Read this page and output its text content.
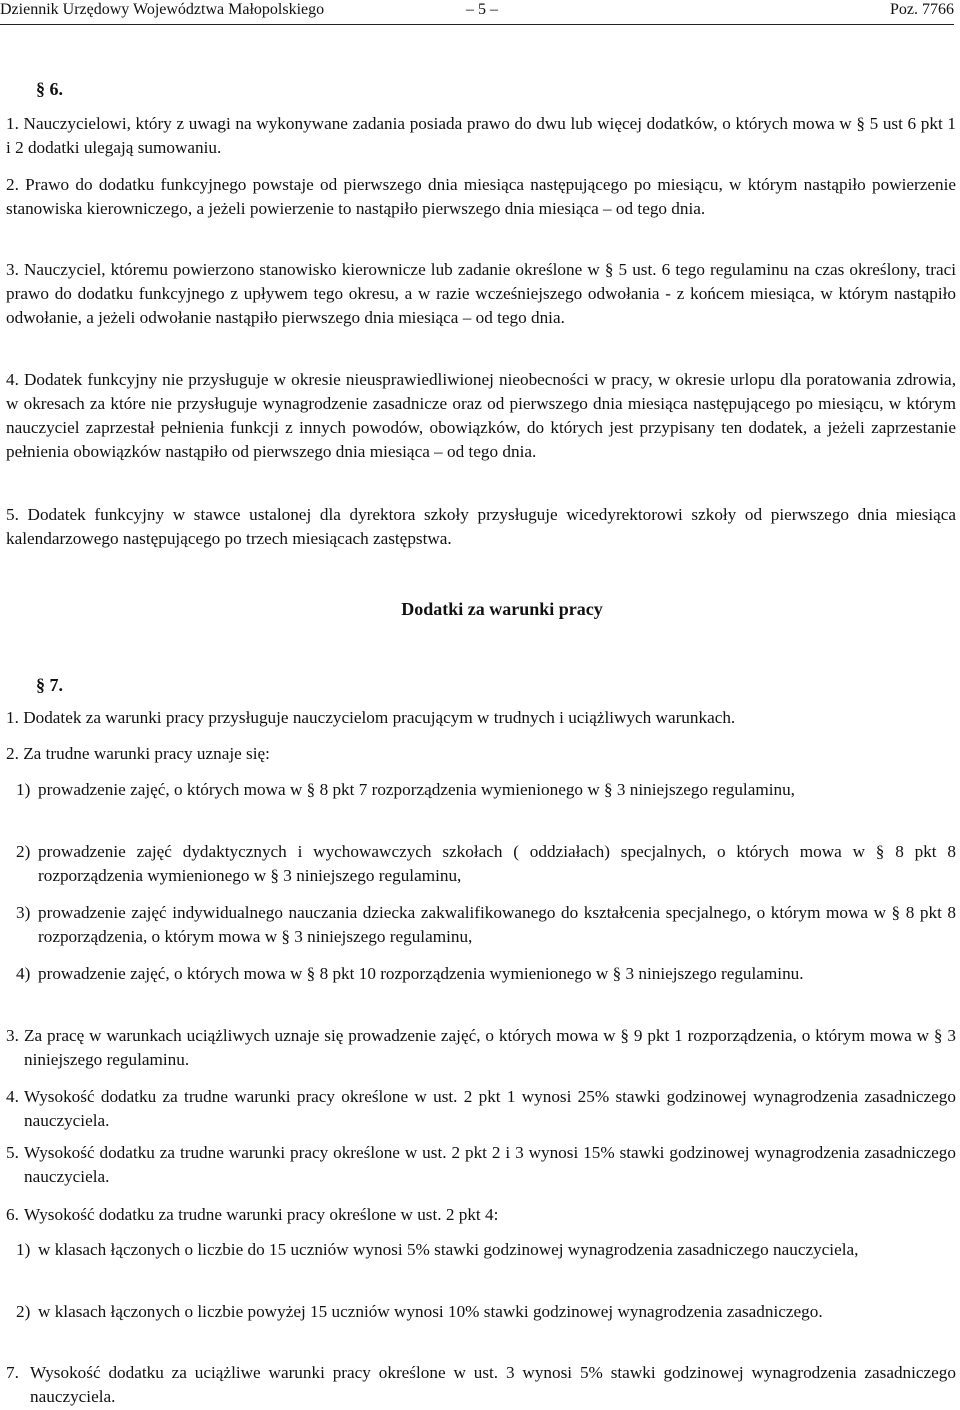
Dziennik Urzędowy Województwa Małopolskiego	– 5 –	Poz. 7766
§ 6.

1. Nauczycielowi, który z uwagi na wykonywane zadania posiada prawo do dwu lub więcej dodatków, o których mowa w § 5 ust 6 pkt 1 i 2 dodatki ulegają sumowaniu.

2. Prawo do dodatku funkcyjnego powstaje od pierwszego dnia miesiąca następującego po miesiącu, w którym nastąpiło powierzenie stanowiska kierowniczego, a jeżeli powierzenie to nastąpiło pierwszego dnia miesiąca – od tego dnia.

3. Nauczyciel, któremu powierzono stanowisko kierownicze lub zadanie określone w § 5 ust. 6 tego regulaminu na czas określony, traci prawo do dodatku funkcyjnego z upływem tego okresu, a w razie wcześniejszego odwołania - z końcem miesiąca, w którym nastąpiło odwołanie, a jeżeli odwołanie nastąpiło pierwszego dnia miesiąca – od tego dnia.

4. Dodatek funkcyjny nie przysługuje w okresie nieusprawiedliwionej nieobecności w pracy, w okresie urlopu dla poratowania zdrowia, w okresach za które nie przysługuje wynagrodzenie zasadnicze oraz od pierwszego dnia miesiąca następującego po miesiącu, w którym nauczyciel zaprzestał pełnienia funkcji z innych powodów, obowiązków, do których jest przypisany ten dodatek, a jeżeli zaprzestanie pełnienia obowiązków nastąpiło od pierwszego dnia miesiąca – od tego dnia.

5. Dodatek funkcyjny w stawce ustalonej dla dyrektora szkoły przysługuje wicedyrektorowi szkoły od pierwszego dnia miesiąca kalendarzowego następującego po trzech miesiącach zastępstwa.

Dodatki za warunki pracy
§ 7.

1. Dodatek za warunki pracy przysługuje nauczycielom pracującym w trudnych i uciążliwych warunkach.

2. Za trudne warunki pracy uznaje się:

1) prowadzenie zajęć, o których mowa w § 8 pkt 7 rozporządzenia wymienionego w § 3 niniejszego regulaminu,
2) prowadzenie zajęć dydaktycznych i wychowawczych szkołach ( oddziałach) specjalnych, o których mowa w § 8 pkt 8 rozporządzenia wymienionego w § 3 niniejszego regulaminu,
3) prowadzenie zajęć indywidualnego nauczania dziecka zakwalifikowanego do kształcenia specjalnego, o którym mowa w § 8 pkt 8 rozporządzenia, o którym mowa w § 3 niniejszego regulaminu,
4) prowadzenie zajęć, o których mowa w § 8 pkt 10 rozporządzenia wymienionego w § 3 niniejszego regulaminu.
3. Za pracę w warunkach uciążliwych uznaje się prowadzenie zajęć, o których mowa w § 9 pkt 1 rozporządzenia, o którym mowa w § 3 niniejszego regulaminu.
4. Wysokość dodatku za trudne warunki pracy określone w ust. 2 pkt 1 wynosi 25% stawki godzinowej wynagrodzenia zasadniczego nauczyciela.
5. Wysokość dodatku za trudne warunki pracy określone w ust. 2 pkt 2 i 3 wynosi 15% stawki godzinowej wynagrodzenia zasadniczego nauczyciela.
6. Wysokość dodatku za trudne warunki pracy określone w ust. 2 pkt 4:
1) w klasach łączonych o liczbie do 15 uczniów wynosi 5% stawki godzinowej wynagrodzenia zasadniczego nauczyciela,
2) w klasach łączonych o liczbie powyżej 15 uczniów wynosi 10% stawki godzinowej wynagrodzenia zasadniczego.
7. Wysokość dodatku za uciążliwe warunki pracy określone w ust. 3 wynosi 5% stawki godzinowej wynagrodzenia zasadniczego nauczyciela.
